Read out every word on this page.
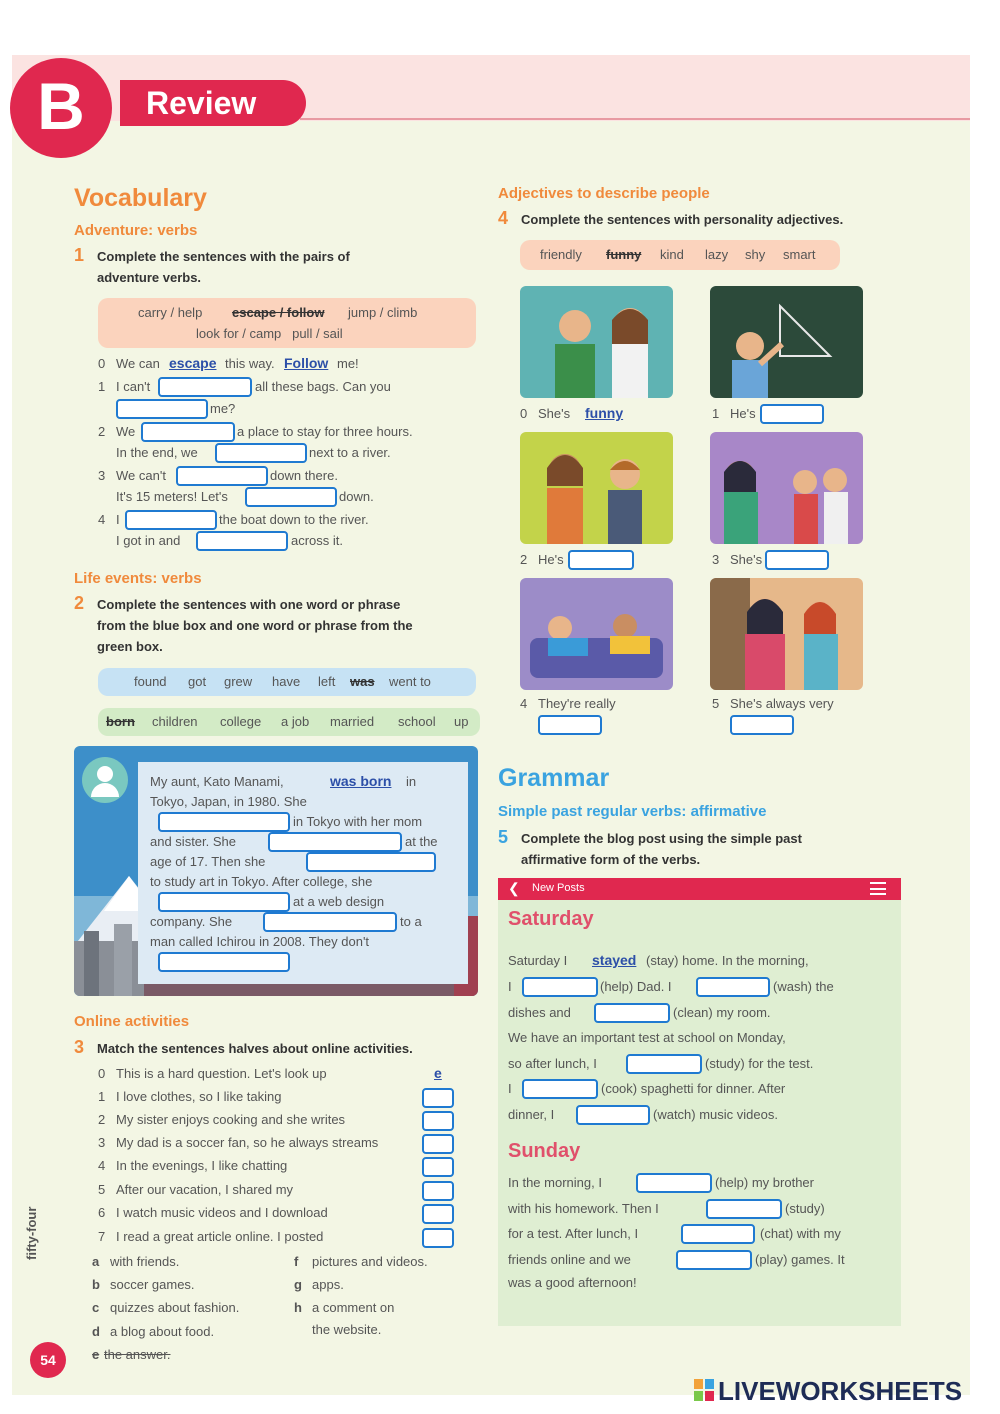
B	Review
Vocabulary
Adventure: verbs
1 Complete the sentences with the pairs of
adventure verbs.
carry / help escape / follow jump / climb
look for / camp   pull / sail
0 We can escape this way. Follow me!
1 I can't	all these bags. Can you
me?
2 We	a place to stay for three hours.
In the end, we	next to a river.
3 We can't	down there.
It's 15 meters! Let's	down.
4 I	the boat down to the river.
I got in and	across it.
Life events: verbs
2 Complete the sentences with one word or phrase
from the blue box and one word or phrase from the
green box.
found got grew have left was went to
born children college a job married school up
My aunt, Kato Manami,	was born in
Tokyo, Japan, in 1980. She
in Tokyo with her mom
and sister. She	at the
age of 17. Then she
to study art in Tokyo. After college, she
at a web design
company. She	to a
man called Ichirou in 2008. They don't
Online activities
3 Match the sentences halves about online activities.
0 This is a hard question. Let's look up	e
1 I love clothes, so I like taking
2 My sister enjoys cooking and she writes
3 My dad is a soccer fan, so he always streams
4 In the evenings, I like chatting
5 After our vacation, I shared my
6 I watch music videos and I download
7 I read a great article online. I posted
a with friends.
b soccer games.
c quizzes about fashion.
d a blog about food.
e the answer.
f pictures and videos.
g apps.
h a comment on
the website.
Adjectives to describe people
4 Complete the sentences with personality adjectives.
friendly funny kind lazy shy smart
0 She's funny	1 He's
2 He's	3 She's
4 They're really	5 She's always very
Grammar
Simple past regular verbs: affirmative
5 Complete the blog post using the simple past
affirmative form of the verbs.
❮ New Posts
Saturday
Saturday I stayed (stay) home. In the morning,
I	(help) Dad. I	(wash) the
dishes and	(clean) my room.
We have an important test at school on Monday,
so after lunch, I	(study) for the test.
I	(cook) spaghetti for dinner. After
dinner, I	(watch) music videos.
Sunday
In the morning, I	(help) my brother
with his homework. Then I	(study)
for a test. After lunch, I	(chat) with my
friends online and we	(play) games. It
was a good afternoon!
fifty-four
54
LIVEWORKSHEETS
